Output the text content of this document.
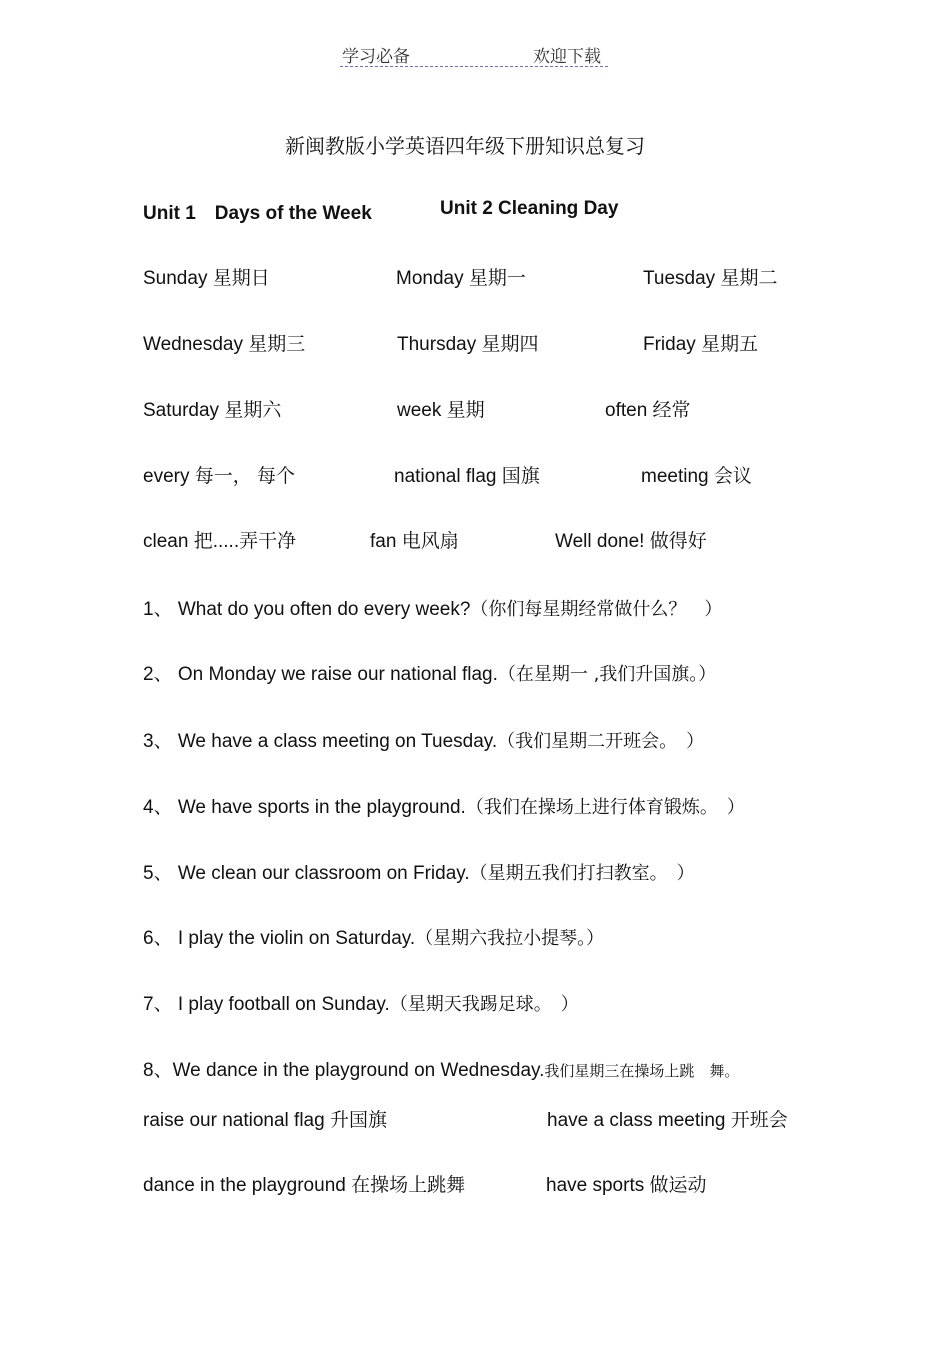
学习必备	欢迎下载
新闽教版小学英语四年级下册知识总复习
Unit 1　Days of the Week	Unit 2 Cleaning Day
Sunday 星期日	Monday 星期一	Tuesday 星期二
Wednesday 星期三	Thursday 星期四	Friday 星期五
Saturday 星期六	week 星期	often 经常
every 每一， 每个	national flag 国旗	meeting 会议
clean 把.....弄干净	fan 电风扇	Well done! 做得好
1、 What do you often do every week?（你们每星期经常做什么？　）
2、 On Monday we raise our national flag.（在星期一 ,我们升国旗。）
3、 We have a class meeting on Tuesday.（我们星期二开班会。　）
4、 We have sports in the playground.（我们在操场上进行体育锻炼。　）
5、 We clean our classroom on Friday.（星期五我们打扫教室。　）
6、 I play the violin on Saturday.（星期六我拉小提琴。）
7、 I play football on Sunday.（星期天我踢足球。　）
8、We dance in the playground on Wednesday.我们星期三在操场上跳　舞。
raise our national flag 升国旗	have a class meeting 开班会
dance in the playground 在操场上跳舞	have sports 做运动
